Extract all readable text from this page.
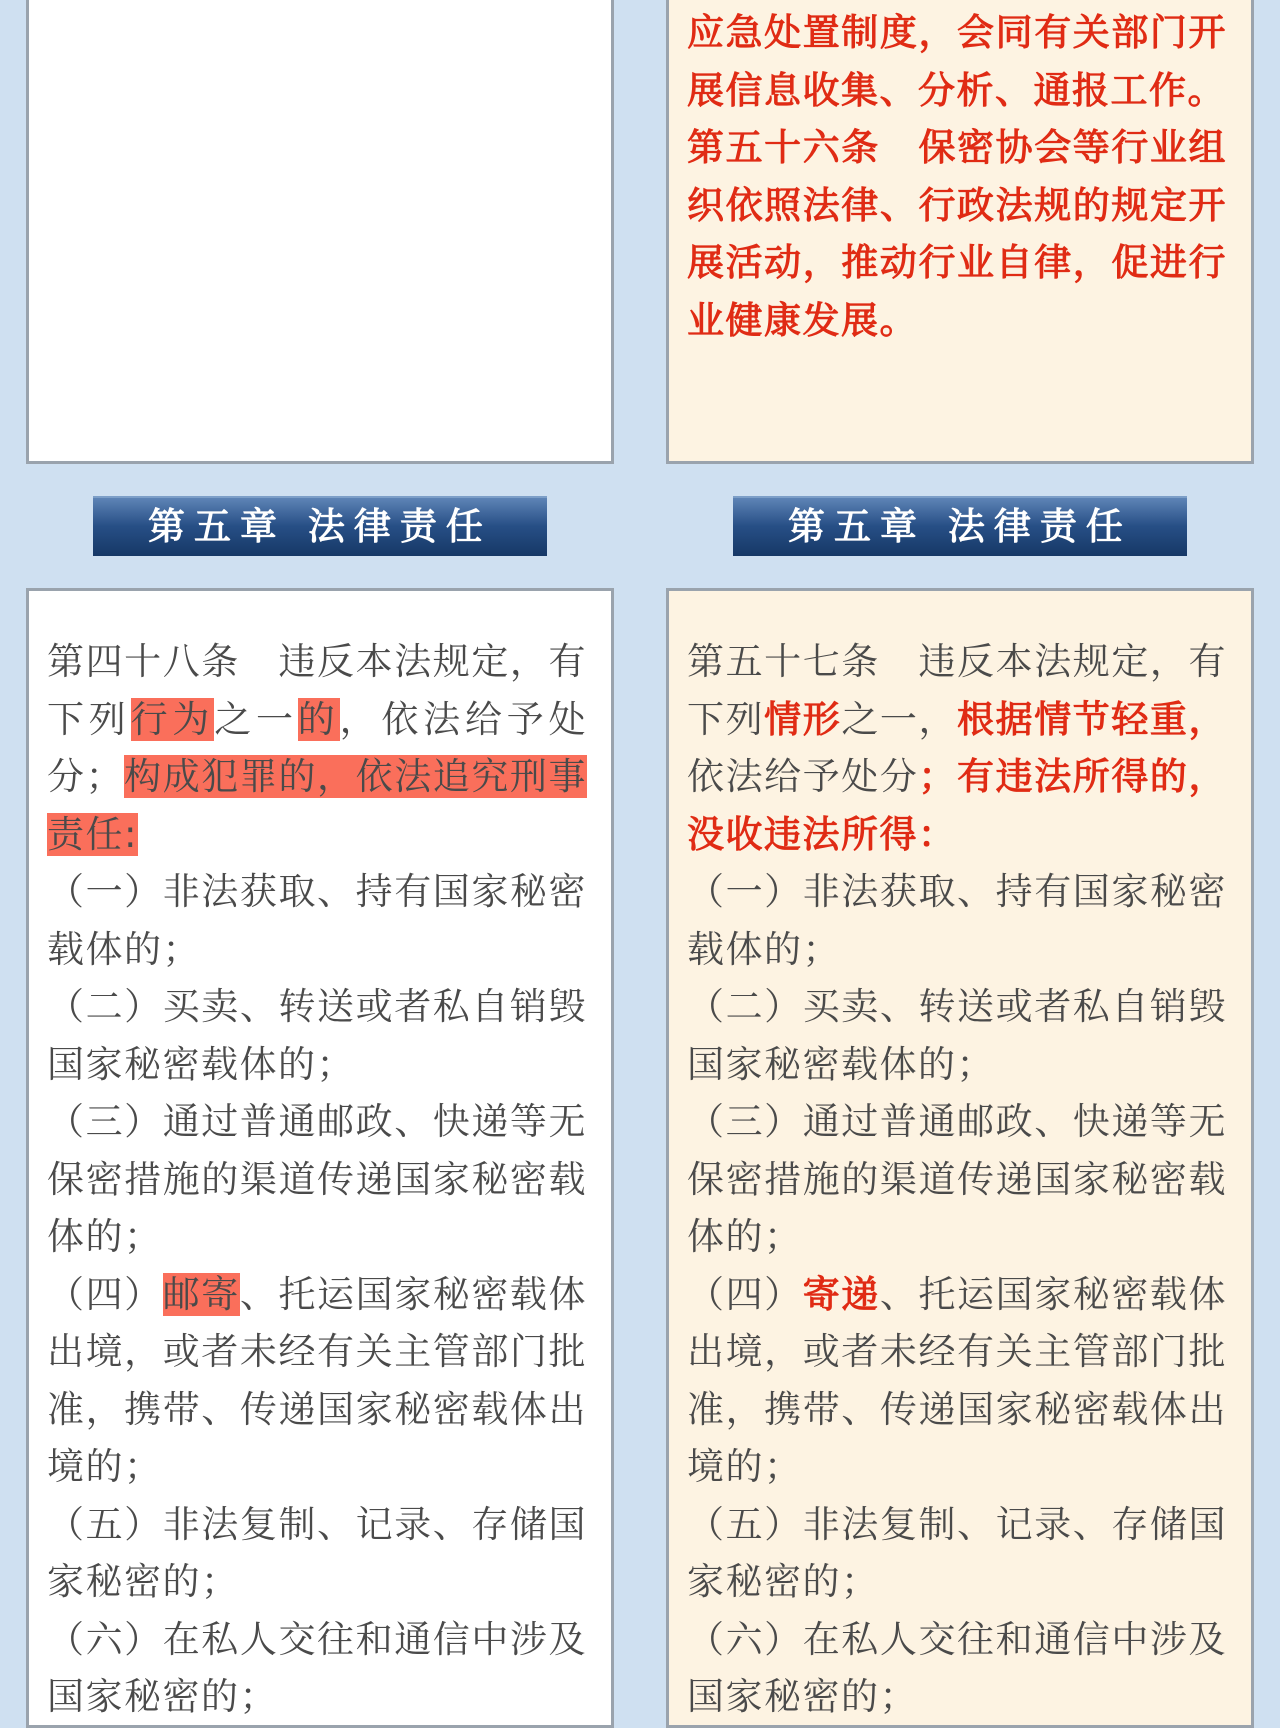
应急处置制度，会同有关部门开展信息收集、分析、通报工作。

第五十六条　保密协会等行业组织依照法律、行政法规的规定开展活动，推动行业自律，促进行业健康发展。

第五章 法律责任	第五章 法律责任

第四十八条　违反本法规定，有下列行为之一的，依法给予处分；构成犯罪的，依法追究刑事责任:

（一）非法获取、持有国家秘密载体的；

（二）买卖、转送或者私自销毁国家秘密载体的；

（三）通过普通邮政、快递等无保密措施的渠道传递国家秘密载体的；

（四）邮寄、托运国家秘密载体出境，或者未经有关主管部门批准，携带、传递国家秘密载体出境的；

（五）非法复制、记录、存储国家秘密的；

（六）在私人交往和通信中涉及国家秘密的；

第五十七条　违反本法规定，有下列情形之一，根据情节轻重，依法给予处分；有违法所得的，没收违法所得：

（一）非法获取、持有国家秘密载体的；

（二）买卖、转送或者私自销毁国家秘密载体的；

（三）通过普通邮政、快递等无保密措施的渠道传递国家秘密载体的；

（四）寄递、托运国家秘密载体出境，或者未经有关主管部门批准，携带、传递国家秘密载体出境的；

（五）非法复制、记录、存储国家秘密的；

（六）在私人交往和通信中涉及国家秘密的；
